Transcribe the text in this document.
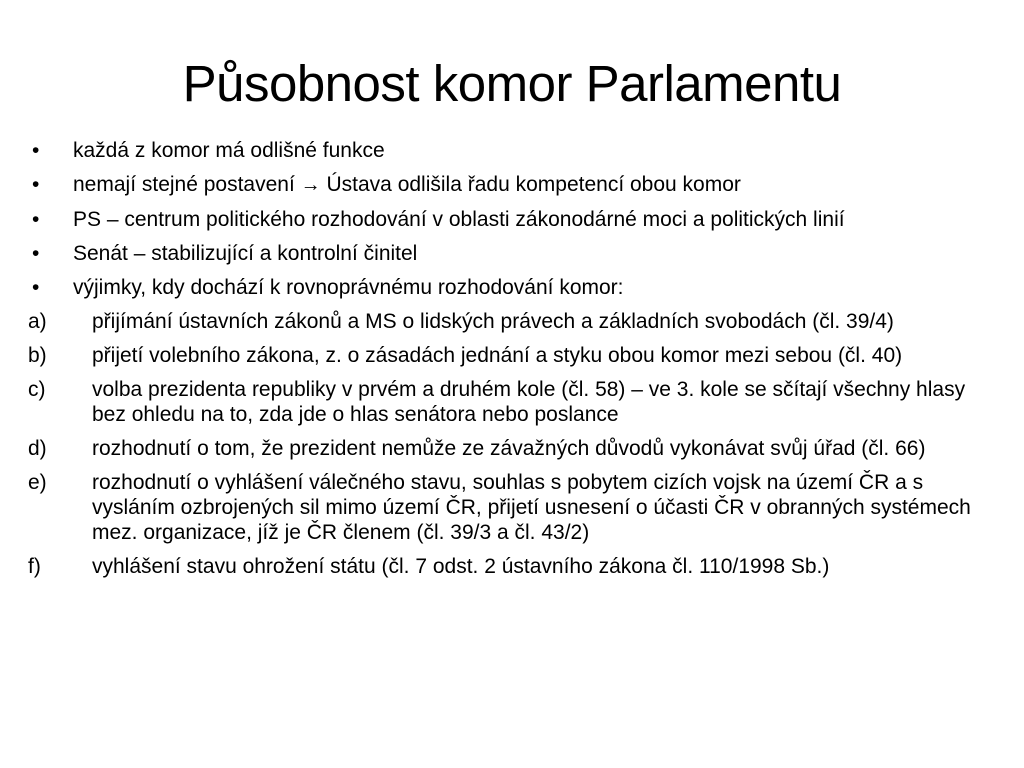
Působnost komor Parlamentu
•	každá z komor má odlišné funkce
•	nemají stejné postavení → Ústava odlišila řadu kompetencí obou komor
•	PS – centrum politického rozhodování v oblasti zákonodárné moci a politických linií
•	Senát – stabilizující a kontrolní činitel
•	výjimky, kdy dochází k rovnoprávnému rozhodování komor:
a)	přijímání ústavních zákonů a MS o lidských právech a základních svobodách (čl. 39/4)
b)	přijetí volebního zákona, z. o zásadách jednání a styku obou komor mezi sebou (čl. 40)
c)	volba prezidenta republiky v prvém a druhém kole (čl. 58) – ve 3. kole se sčítají všechny hlasy bez ohledu na to, zda jde o hlas senátora nebo poslance
d)	rozhodnutí o tom, že prezident nemůže ze závažných důvodů vykonávat svůj úřad (čl. 66)
e)	rozhodnutí o vyhlášení válečného stavu, souhlas s pobytem cizích vojsk na území ČR a s vysláním ozbrojených sil mimo území ČR, přijetí usnesení o účasti ČR v obranných systémech mez. organizace, jíž je ČR členem (čl. 39/3 a čl. 43/2)
f)	vyhlášení stavu ohrožení státu (čl. 7 odst. 2 ústavního zákona čl. 110/1998 Sb.)
